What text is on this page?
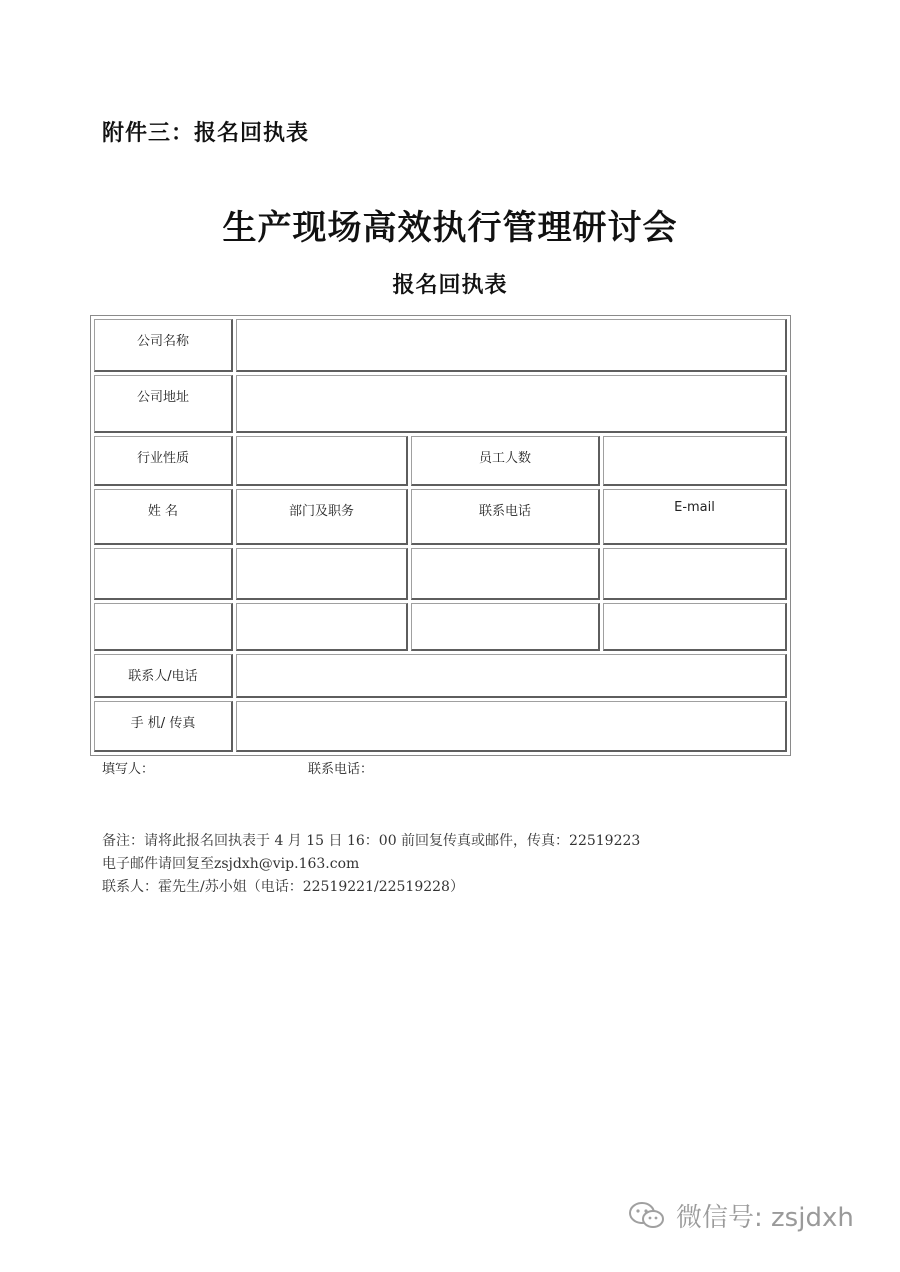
附件三：报名回执表
生产现场高效执行管理研讨会
报名回执表
公司名称			
公司地址			
行业性质		员工人数	
姓 名	部门及职务	联系电话	E-mail

联系人/电话			
手 机/ 传真			
填写人：	联系电话：
备注：请将此报名回执表于 4 月 15 日 16：00 前回复传真或邮件，传真：22519223
电子邮件请回复至zsjdxh@vip.163.com
联系人：霍先生/苏小姐（电话：22519221/22519228）
微信号: zsjdxh
